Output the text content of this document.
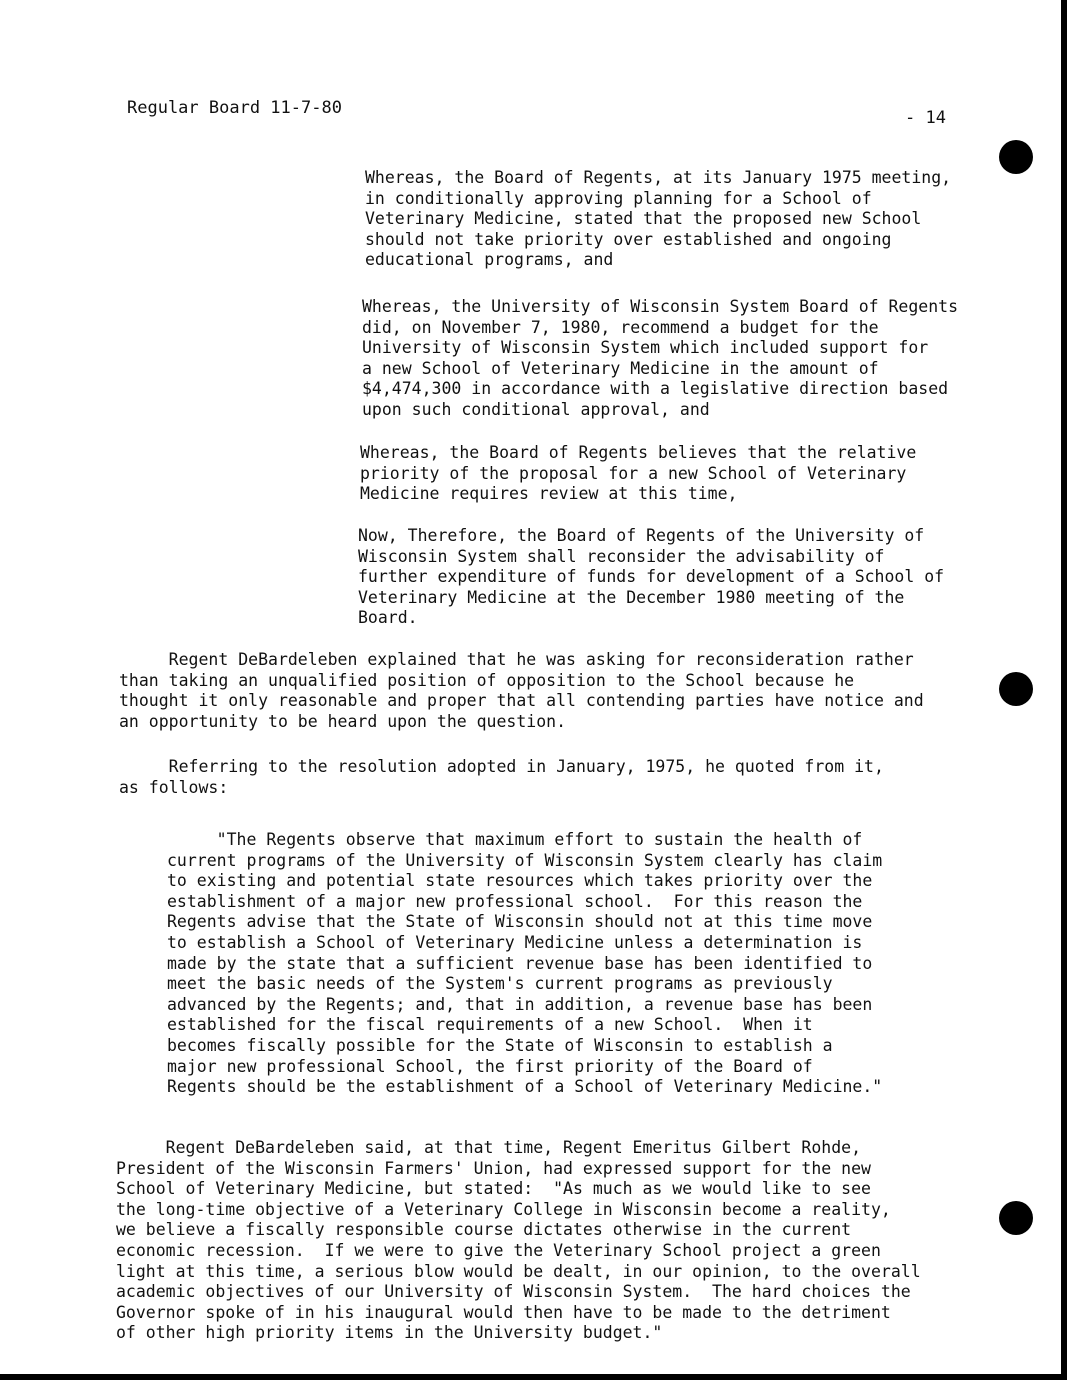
Regular Board 11-7-80	- 14
Whereas, the Board of Regents, at its January 1975 meeting,
in conditionally approving planning for a School of
Veterinary Medicine, stated that the proposed new School
should not take priority over established and ongoing
educational programs, and
Whereas, the University of Wisconsin System Board of Regents
did, on November 7, 1980, recommend a budget for the
University of Wisconsin System which included support for
a new School of Veterinary Medicine in the amount of
$4,474,300 in accordance with a legislative direction based
upon such conditional approval, and
Whereas, the Board of Regents believes that the relative
priority of the proposal for a new School of Veterinary
Medicine requires review at this time,
Now, Therefore, the Board of Regents of the University of
Wisconsin System shall reconsider the advisability of
further expenditure of funds for development of a School of
Veterinary Medicine at the December 1980 meeting of the
Board.
Regent DeBardeleben explained that he was asking for reconsideration rather
than taking an unqualified position of opposition to the School because he
thought it only reasonable and proper that all contending parties have notice and
an opportunity to be heard upon the question.
Referring to the resolution adopted in January, 1975, he quoted from it,
as follows:
"The Regents observe that maximum effort to sustain the health of
current programs of the University of Wisconsin System clearly has claim
to existing and potential state resources which takes priority over the
establishment of a major new professional school.  For this reason the
Regents advise that the State of Wisconsin should not at this time move
to establish a School of Veterinary Medicine unless a determination is
made by the state that a sufficient revenue base has been identified to
meet the basic needs of the System's current programs as previously
advanced by the Regents; and, that in addition, a revenue base has been
established for the fiscal requirements of a new School.  When it
becomes fiscally possible for the State of Wisconsin to establish a
major new professional School, the first priority of the Board of
Regents should be the establishment of a School of Veterinary Medicine."
Regent DeBardeleben said, at that time, Regent Emeritus Gilbert Rohde,
President of the Wisconsin Farmers' Union, had expressed support for the new
School of Veterinary Medicine, but stated:  "As much as we would like to see
the long-time objective of a Veterinary College in Wisconsin become a reality,
we believe a fiscally responsible course dictates otherwise in the current
economic recession.  If we were to give the Veterinary School project a green
light at this time, a serious blow would be dealt, in our opinion, to the overall
academic objectives of our University of Wisconsin System.  The hard choices the
Governor spoke of in his inaugural would then have to be made to the detriment
of other high priority items in the University budget."
